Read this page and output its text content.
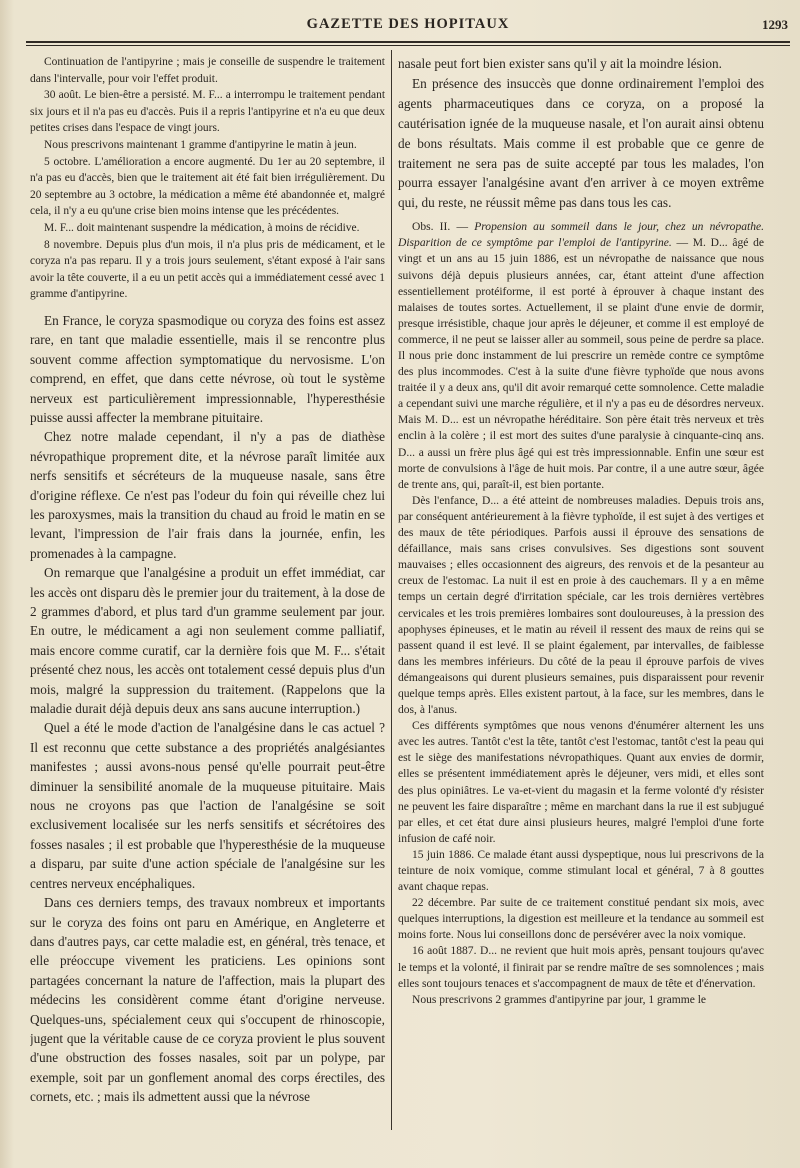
GAZETTE DES HOPITAUX	1293

Continuation de l'antipyrine ; mais je conseille de suspendre le traitement dans l'intervalle, pour voir l'effet produit.

30 août. Le bien-être a persisté. M. F... a interrompu le traitement pendant six jours et il n'a pas eu d'accès. Puis il a repris l'antipyrine et n'a eu que deux petites crises dans l'espace de vingt jours.

Nous prescrivons maintenant 1 gramme d'antipyrine le matin à jeun.

5 octobre. L'amélioration a encore augmenté. Du 1er au 20 septembre, il n'a pas eu d'accès, bien que le traitement ait été fait bien irrégulièrement. Du 20 septembre au 3 octobre, la médication a même été abandonnée et, malgré cela, il n'y a eu qu'une crise bien moins intense que les précédentes.

M. F... doit maintenant suspendre la médication, à moins de récidive.

8 novembre. Depuis plus d'un mois, il n'a plus pris de médicament, et le coryza n'a pas reparu. Il y a trois jours seulement, s'étant exposé à l'air sans avoir la tête couverte, il a eu un petit accès qui a immédiatement cessé avec 1 gramme d'antipyrine.

En France, le coryza spasmodique ou coryza des foins est assez rare, en tant que maladie essentielle, mais il se rencontre plus souvent comme affection symptomatique du nervosisme. L'on comprend, en effet, que dans cette névrose, où tout le système nerveux est particulièrement impressionnable, l'hyperesthésie puisse aussi affecter la membrane pituitaire.

Chez notre malade cependant, il n'y a pas de diathèse névropathique proprement dite, et la névrose paraît limitée aux nerfs sensitifs et sécréteurs de la muqueuse nasale, sans être d'origine réflexe. Ce n'est pas l'odeur du foin qui réveille chez lui les paroxysmes, mais la transition du chaud au froid le matin en se levant, l'impression de l'air frais dans la journée, enfin, les promenades à la campagne.

On remarque que l'analgésine a produit un effet immédiat, car les accès ont disparu dès le premier jour du traitement, à la dose de 2 grammes d'abord, et plus tard d'un gramme seulement par jour. En outre, le médicament a agi non seulement comme palliatif, mais encore comme curatif, car la dernière fois que M. F... s'était présenté chez nous, les accès ont totalement cessé depuis plus d'un mois, malgré la suppression du traitement. (Rappelons que la maladie durait déjà depuis deux ans sans aucune interruption.)

Quel a été le mode d'action de l'analgésine dans le cas actuel ? Il est reconnu que cette substance a des propriétés analgésiantes manifestes ; aussi avons-nous pensé qu'elle pourrait peut-être diminuer la sensibilité anomale de la muqueuse pituitaire. Mais nous ne croyons pas que l'action de l'analgésine se soit exclusivement localisée sur les nerfs sensitifs et sécrétoires des fosses nasales ; il est probable que l'hyperesthésie de la muqueuse a disparu, par suite d'une action spéciale de l'analgésine sur les centres nerveux encéphaliques.

Dans ces derniers temps, des travaux nombreux et importants sur le coryza des foins ont paru en Amérique, en Angleterre et dans d'autres pays, car cette maladie est, en général, très tenace, et elle préoccupe vivement les praticiens. Les opinions sont partagées concernant la nature de l'affection, mais la plupart des médecins les considèrent comme étant d'origine nerveuse. Quelques-uns, spécialement ceux qui s'occupent de rhinoscopie, jugent que la véritable cause de ce coryza provient le plus souvent d'une obstruction des fosses nasales, soit par un polype, par exemple, soit par un gonflement anomal des corps érectiles, des cornets, etc. ; mais ils admettent aussi que la névrose

nasale peut fort bien exister sans qu'il y ait la moindre lésion.

En présence des insuccès que donne ordinairement l'emploi des agents pharmaceutiques dans ce coryza, on a proposé la cautérisation ignée de la muqueuse nasale, et l'on aurait ainsi obtenu de bons résultats. Mais comme il est probable que ce genre de traitement ne sera pas de suite accepté par tous les malades, l'on pourra essayer l'analgésine avant d'en arriver à ce moyen extrême qui, du reste, ne réussit même pas dans tous les cas.

Obs. II. — Propension au sommeil dans le jour, chez un névropathe. Disparition de ce symptôme par l'emploi de l'antipyrine. — M. D... âgé de vingt et un ans au 15 juin 1886, est un névropathe de naissance que nous suivons déjà depuis plusieurs années, car, étant atteint d'une affection essentiellement protéiforme, il est porté à éprouver à chaque instant des malaises de toutes sortes. Actuellement, il se plaint d'une envie de dormir, presque irrésistible, chaque jour après le déjeuner, et comme il est employé de commerce, il ne peut se laisser aller au sommeil, sous peine de perdre sa place. Il nous prie donc instamment de lui prescrire un remède contre ce symptôme des plus incommodes. C'est à la suite d'une fièvre typhoïde que nous avons traitée il y a deux ans, qu'il dit avoir remarqué cette somnolence. Cette maladie a cependant suivi une marche régulière, et il n'y a pas eu de désordres nerveux. Mais M. D... est un névropathe héréditaire. Son père était très nerveux et très enclin à la colère ; il est mort des suites d'une paralysie à cinquante-cinq ans. D... a aussi un frère plus âgé qui est très impressionnable. Enfin une sœur est morte de convulsions à l'âge de huit mois. Par contre, il a une autre sœur, âgée de trente ans, qui, paraît-il, est bien portante.

Dès l'enfance, D... a été atteint de nombreuses maladies. Depuis trois ans, par conséquent antérieurement à la fièvre typhoïde, il est sujet à des vertiges et des maux de tête périodiques. Parfois aussi il éprouve des sensations de défaillance, mais sans crises convulsives. Ses digestions sont souvent mauvaises ; elles occasionnent des aigreurs, des renvois et de la pesanteur au creux de l'estomac. La nuit il est en proie à des cauchemars. Il y a en même temps un certain degré d'irritation spéciale, car les trois dernières vertèbres cervicales et les trois premières lombaires sont douloureuses, à la pression des apophyses épineuses, et le matin au réveil il ressent des maux de reins qui se passent quand il est levé. Il se plaint également, par intervalles, de faiblesse dans les membres inférieurs. Du côté de la peau il éprouve parfois de vives démangeaisons qui durent plusieurs semaines, puis disparaissent pour revenir quelque temps après. Elles existent partout, à la face, sur les membres, dans le dos, à l'anus.

Ces différents symptômes que nous venons d'énumérer alternent les uns avec les autres. Tantôt c'est la tête, tantôt c'est l'estomac, tantôt c'est la peau qui est le siège des manifestations névropathiques. Quant aux envies de dormir, elles se présentent immédiatement après le déjeuner, vers midi, et elles sont des plus opiniâtres. Le va-et-vient du magasin et la ferme volonté d'y résister ne peuvent les faire disparaître ; même en marchant dans la rue il est subjugué par elles, et cet état dure ainsi plusieurs heures, malgré l'emploi d'une forte infusion de café noir.

15 juin 1886. Ce malade étant aussi dyspeptique, nous lui prescrivons de la teinture de noix vomique, comme stimulant local et général, 7 à 8 gouttes avant chaque repas.

22 décembre. Par suite de ce traitement constitué pendant six mois, avec quelques interruptions, la digestion est meilleure et la tendance au sommeil est moins forte. Nous lui conseillons donc de persévérer avec la noix vomique.

16 août 1887. D... ne revient que huit mois après, pensant toujours qu'avec le temps et la volonté, il finirait par se rendre maître de ses somnolences ; mais elles sont toujours tenaces et s'accompagnent de maux de tête et d'énervation.

Nous prescrivons 2 grammes d'antipyrine par jour, 1 gramme le
